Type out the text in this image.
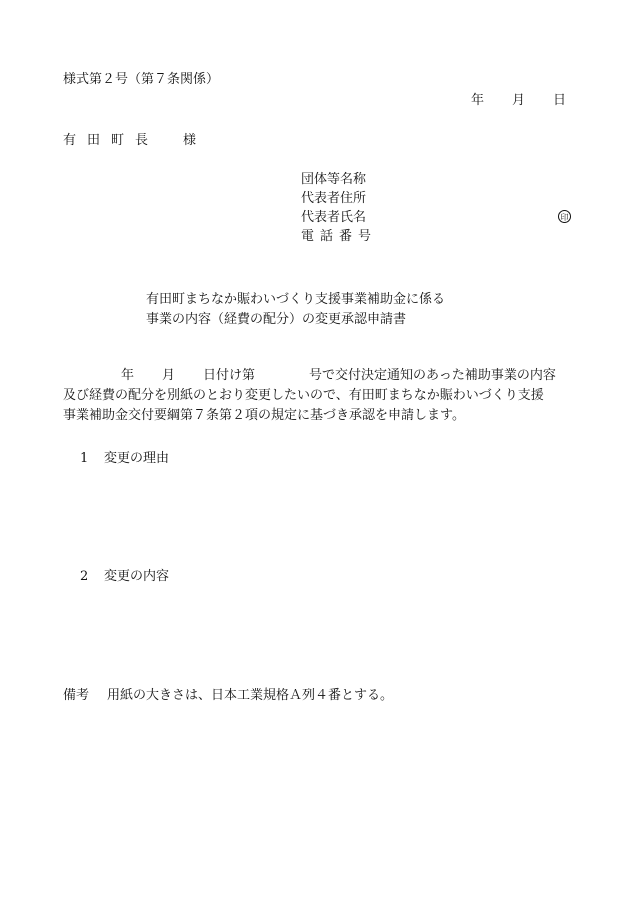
様式第２号（第７条関係）
年 月 日
有田町長　様
団体等名称
代表者住所
代表者氏名	印
電話番号
有田町まちなか賑わいづくり支援事業補助金に係る
事業の内容（経費の配分）の変更承認申請書
年 月 日付け第	号で交付決定通知のあった補助事業の内容
及び経費の配分を別紙のとおり変更したいので、有田町まちなか賑わいづくり支援
事業補助金交付要綱第７条第２項の規定に基づき承認を申請します。
1 変更の理由
2 変更の内容
備考 用紙の大きさは、日本工業規格Ａ列４番とする。
